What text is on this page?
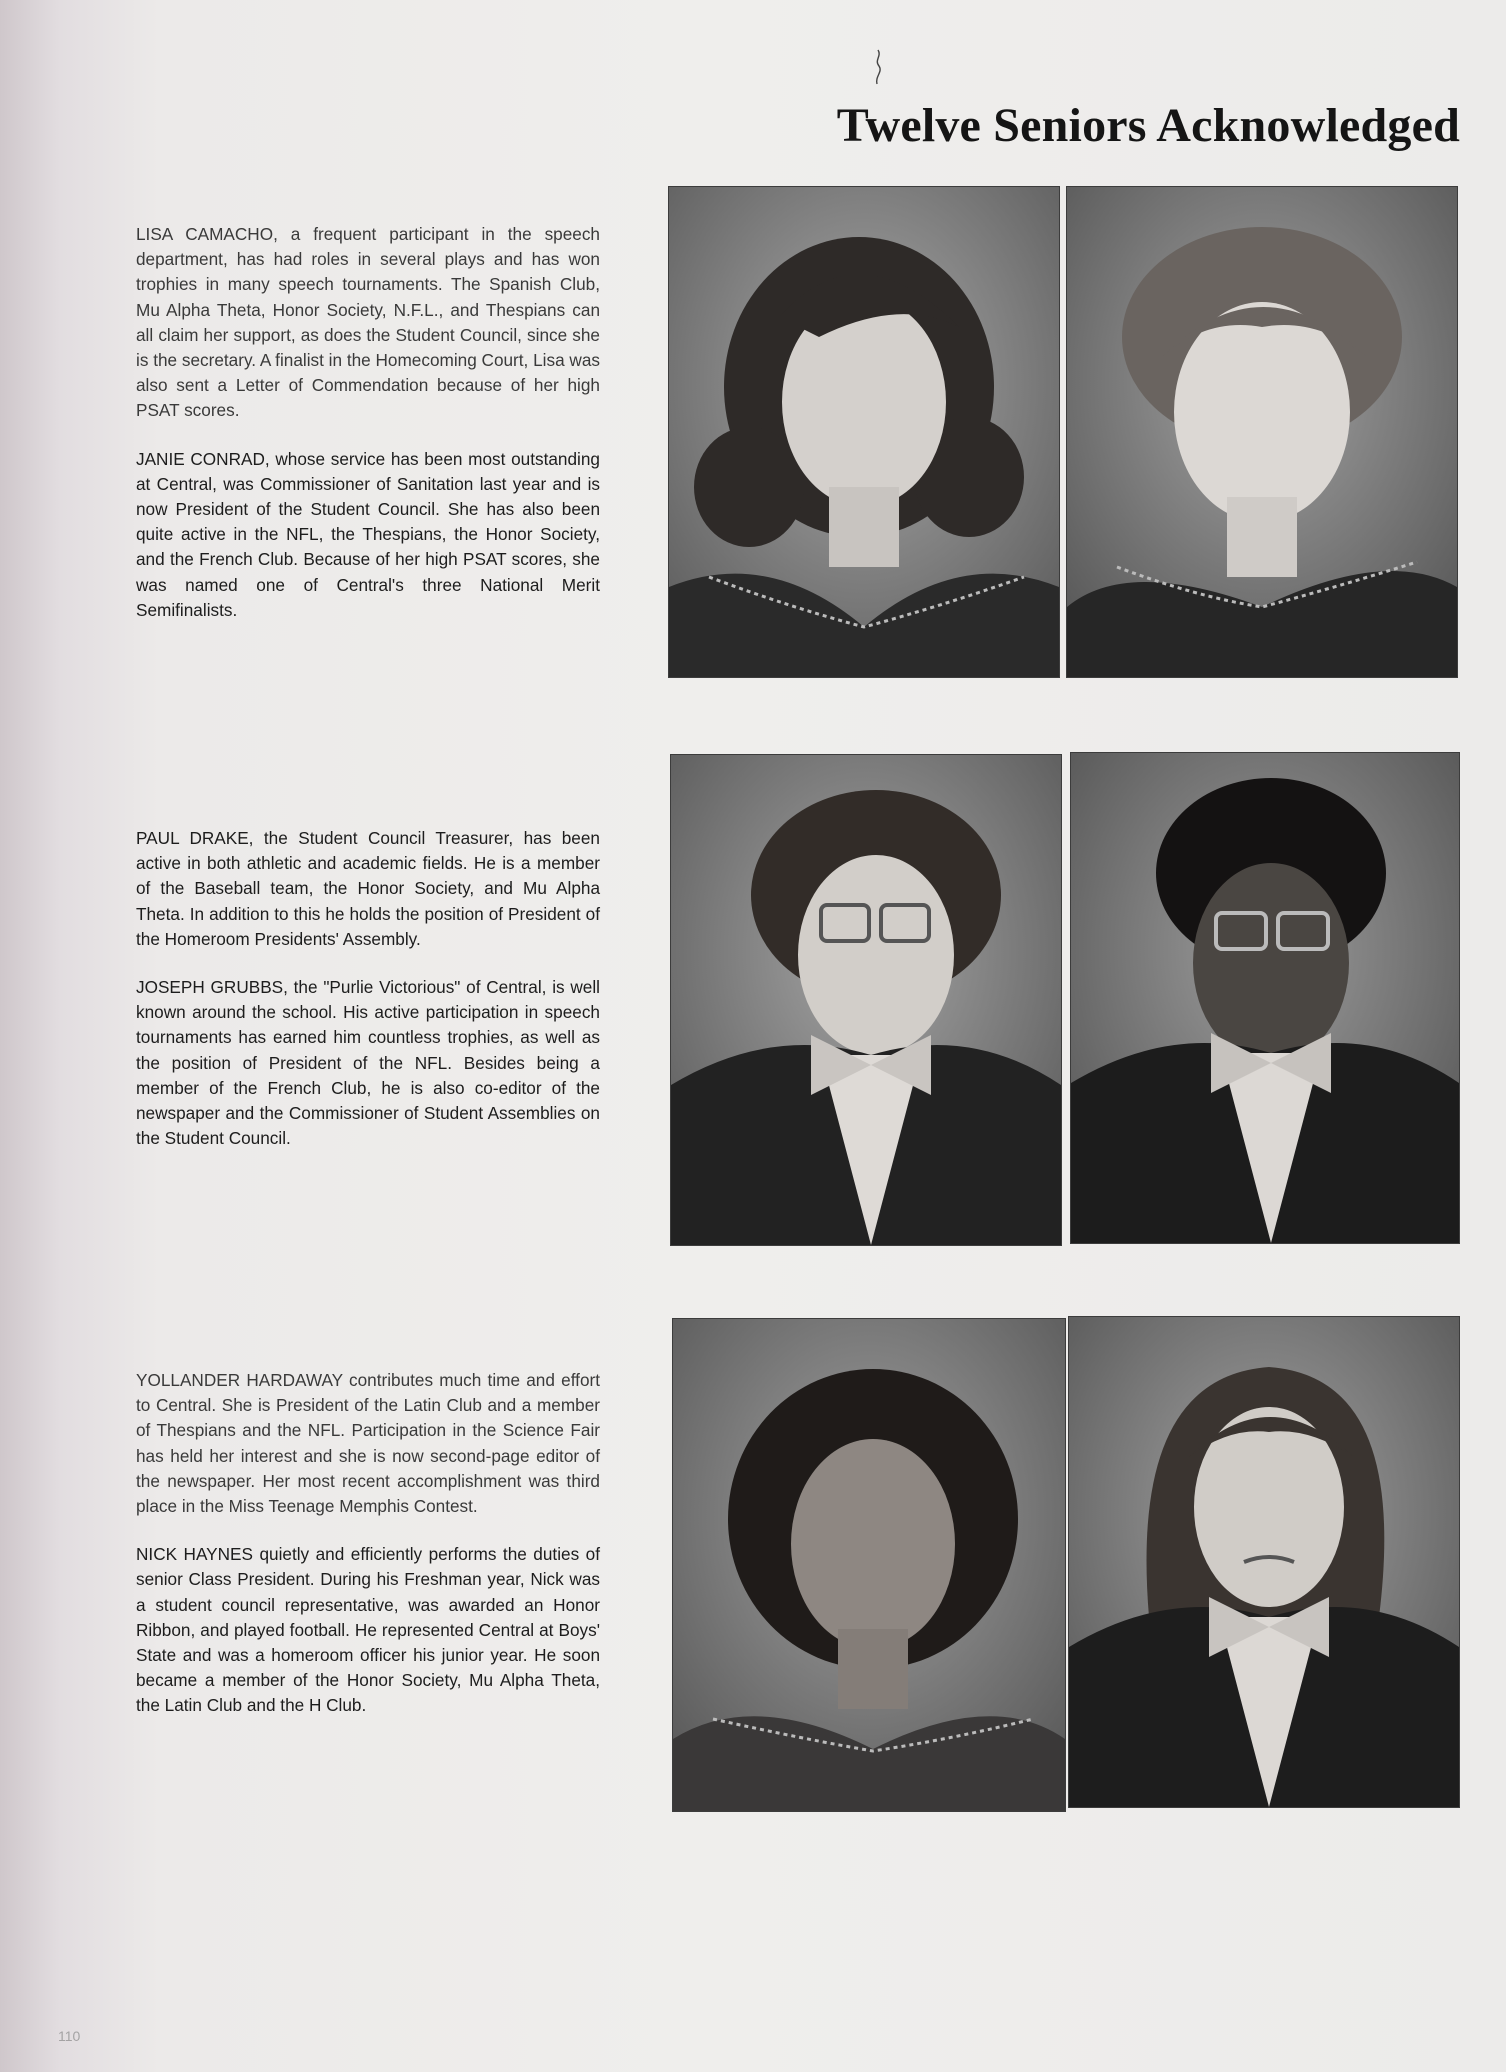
Twelve Seniors Acknowledged

LISA CAMACHO, a frequent participant in the speech department, has had roles in several plays and has won trophies in many speech tournaments. The Spanish Club, Mu Alpha Theta, Honor Society, N.F.L., and Thespians can all claim her support, as does the Student Council, since she is the secretary. A finalist in the Homecoming Court, Lisa was also sent a Letter of Commendation because of her high PSAT scores.

JANIE CONRAD, whose service has been most outstanding at Central, was Commissioner of Sanitation last year and is now President of the Student Council. She has also been quite active in the NFL, the Thespians, the Honor Society, and the French Club. Because of her high PSAT scores, she was named one of Central's three National Merit Semifinalists.

PAUL DRAKE, the Student Council Treasurer, has been active in both athletic and academic fields. He is a member of the Baseball team, the Honor Society, and Mu Alpha Theta. In addition to this he holds the position of President of the Homeroom Presidents' Assembly.

JOSEPH GRUBBS, the "Purlie Victorious" of Central, is well known around the school. His active participation in speech tournaments has earned him countless trophies, as well as the position of President of the NFL. Besides being a member of the French Club, he is also co-editor of the newspaper and the Commissioner of Student Assemblies on the Student Council.

YOLLANDER HARDAWAY contributes much time and effort to Central. She is President of the Latin Club and a member of Thespians and the NFL. Participation in the Science Fair has held her interest and she is now second-page editor of the newspaper. Her most recent accomplishment was third place in the Miss Teenage Memphis Contest.

NICK HAYNES quietly and efficiently performs the duties of senior Class President. During his Freshman year, Nick was a student council representative, was awarded an Honor Ribbon, and played football. He represented Central at Boys' State and was a homeroom officer his junior year. He soon became a member of the Honor Society, Mu Alpha Theta, the Latin Club and the H Club.

110
